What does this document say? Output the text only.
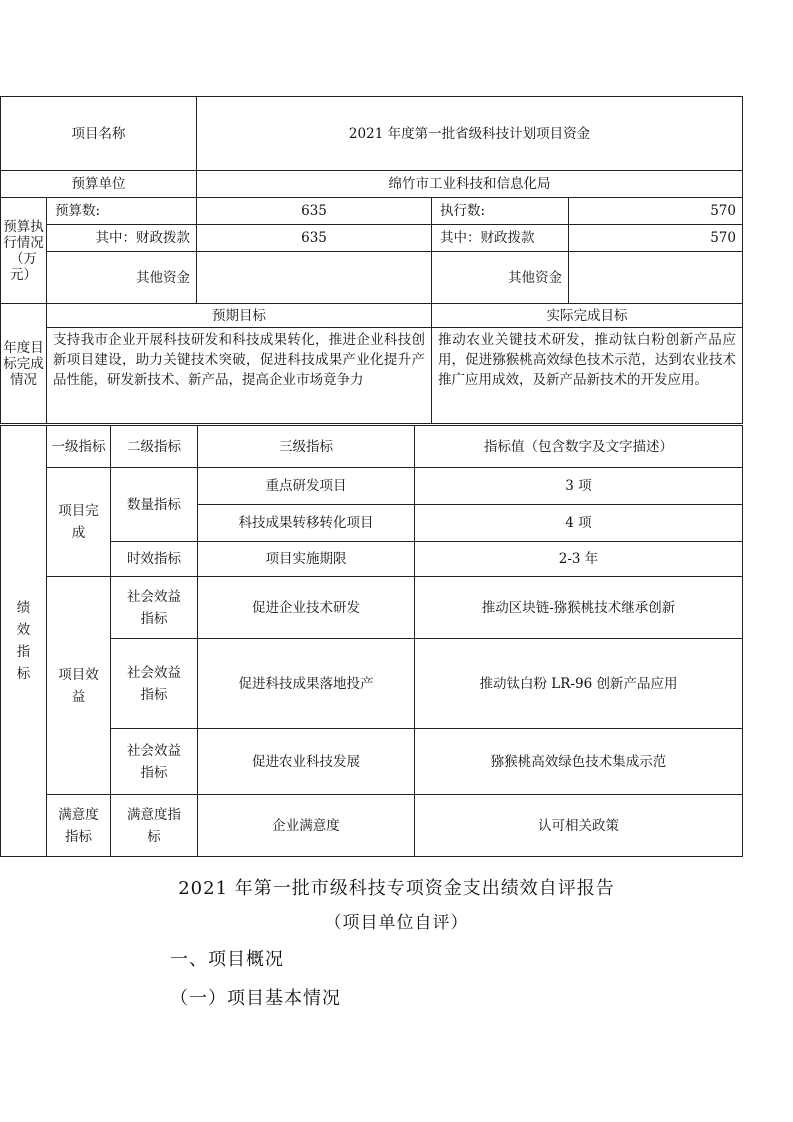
项目名称		2021 年度第一批省级科技计划项目资金		
预算单位		绵竹市工业科技和信息化局		
预算执行情况（万元）	预算数:	635	执行数:	570
	其中：财政拨款	635	其中：财政拨款	570
	其他资金		其他资金	
年度目标完成情况	预期目标		实际完成目标	
	支持我市企业开展科技研发和科技成果转化，推进企业科技创新项目建设，助力关键技术突破，促进科技成果产业化提升产品性能，研发新技术、新产品，提高企业市场竟争力		推动农业关键技术研发，推动钛白粉创新产品应用，促进猕猴桃高效绿色技术示范，达到农业技术推广应用成效，及新产品新技术的开发应用。	
绩效指标	一级指标	二级指标	三级指标	指标值（包含数字及文字描述）
	项目完成	数量指标	重点研发项目	3 项
			科技成果转移转化项目	4 项
		时效指标	项目实施期限	2-3 年
	项目效益	社会效益指标	促进企业技术研发	推动区块链-猕猴桃技术继承创新
		社会效益指标	促进科技成果落地投产	推动钛白粉 LR-96 创新产品应用
		社会效益指标	促进农业科技发展	猕猴桃高效绿色技术集成示范
	满意度指标	满意度指标	企业满意度	认可相关政策
2021 年第一批市级科技专项资金支出绩效自评报告
（项目单位自评）
一、项目概况
（一）项目基本情况
